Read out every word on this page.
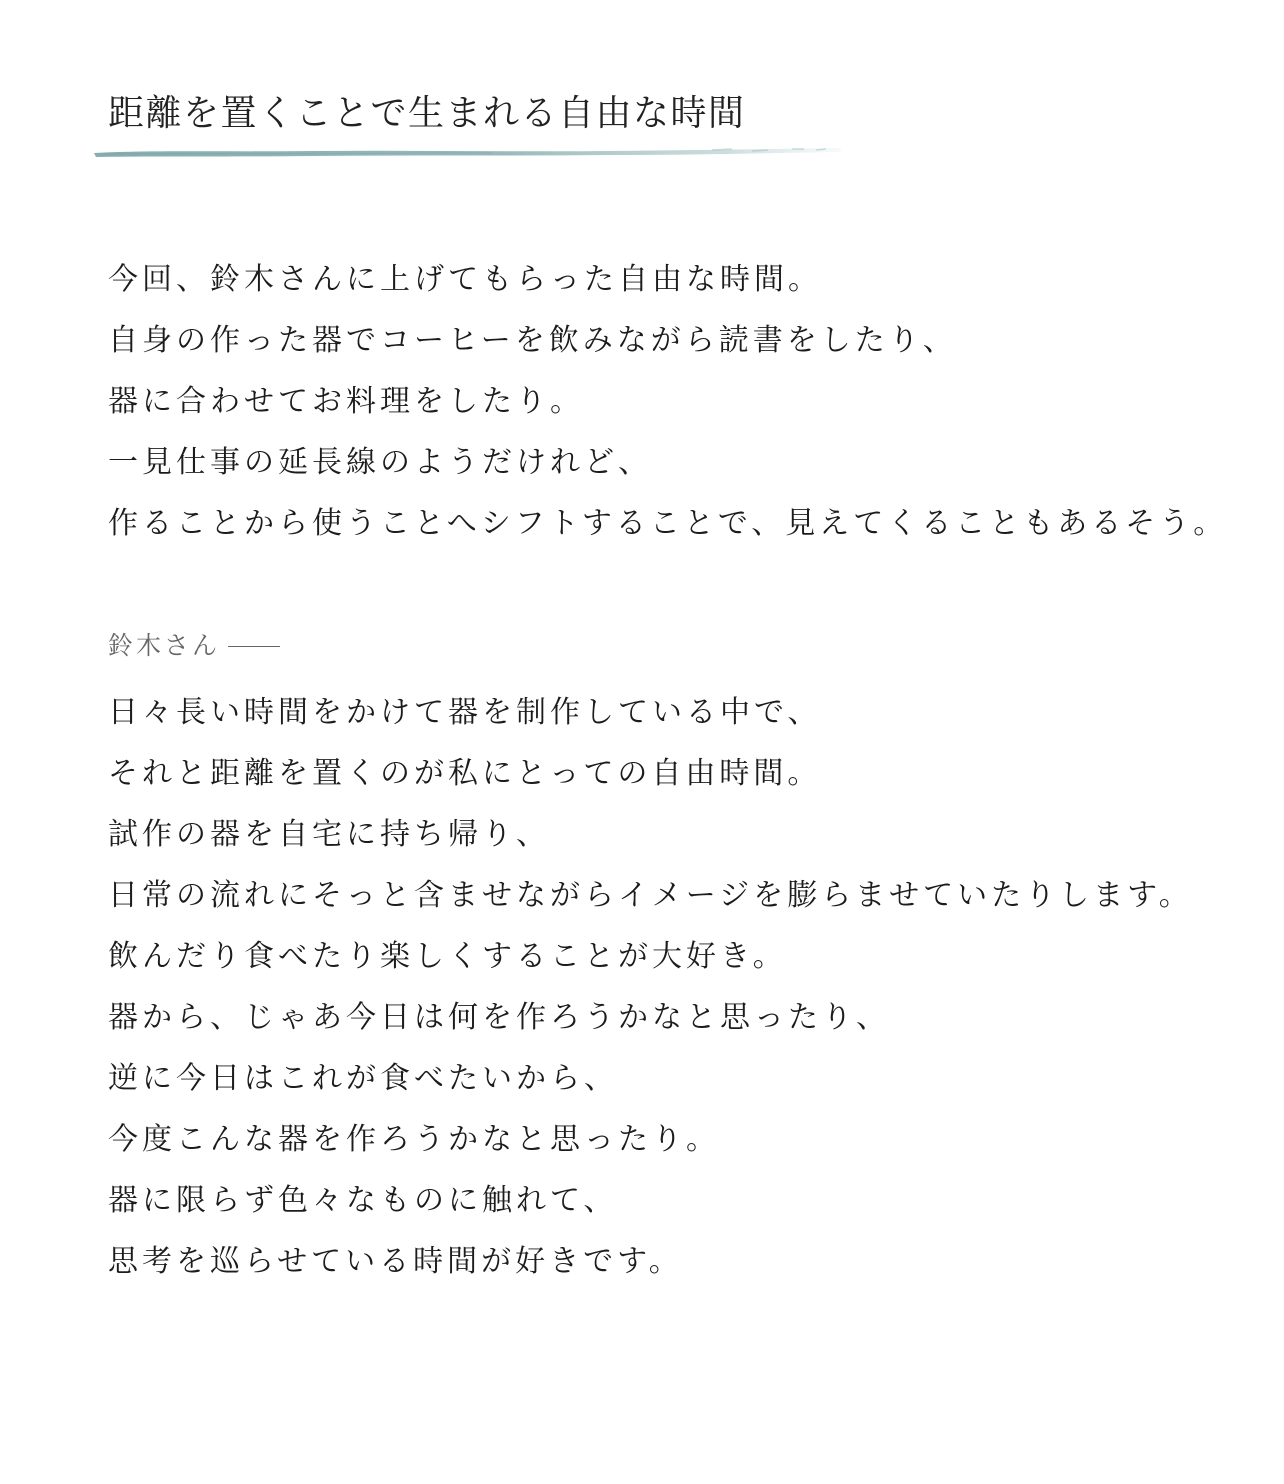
距離を置くことで生まれる自由な時間
今回、鈴木さんに上げてもらった自由な時間。
自身の作った器でコーヒーを飲みながら読書をしたり、
器に合わせてお料理をしたり。
一見仕事の延長線のようだけれど、
作ることから使うことへシフトすることで、見えてくることもあるそう。
鈴木さん
日々長い時間をかけて器を制作している中で、
それと距離を置くのが私にとっての自由時間。
試作の器を自宅に持ち帰り、
日常の流れにそっと含ませながらイメージを膨らませていたりします。
飲んだり食べたり楽しくすることが大好き。
器から、じゃあ今日は何を作ろうかなと思ったり、
逆に今日はこれが食べたいから、
今度こんな器を作ろうかなと思ったり。
器に限らず色々なものに触れて、
思考を巡らせている時間が好きです。
